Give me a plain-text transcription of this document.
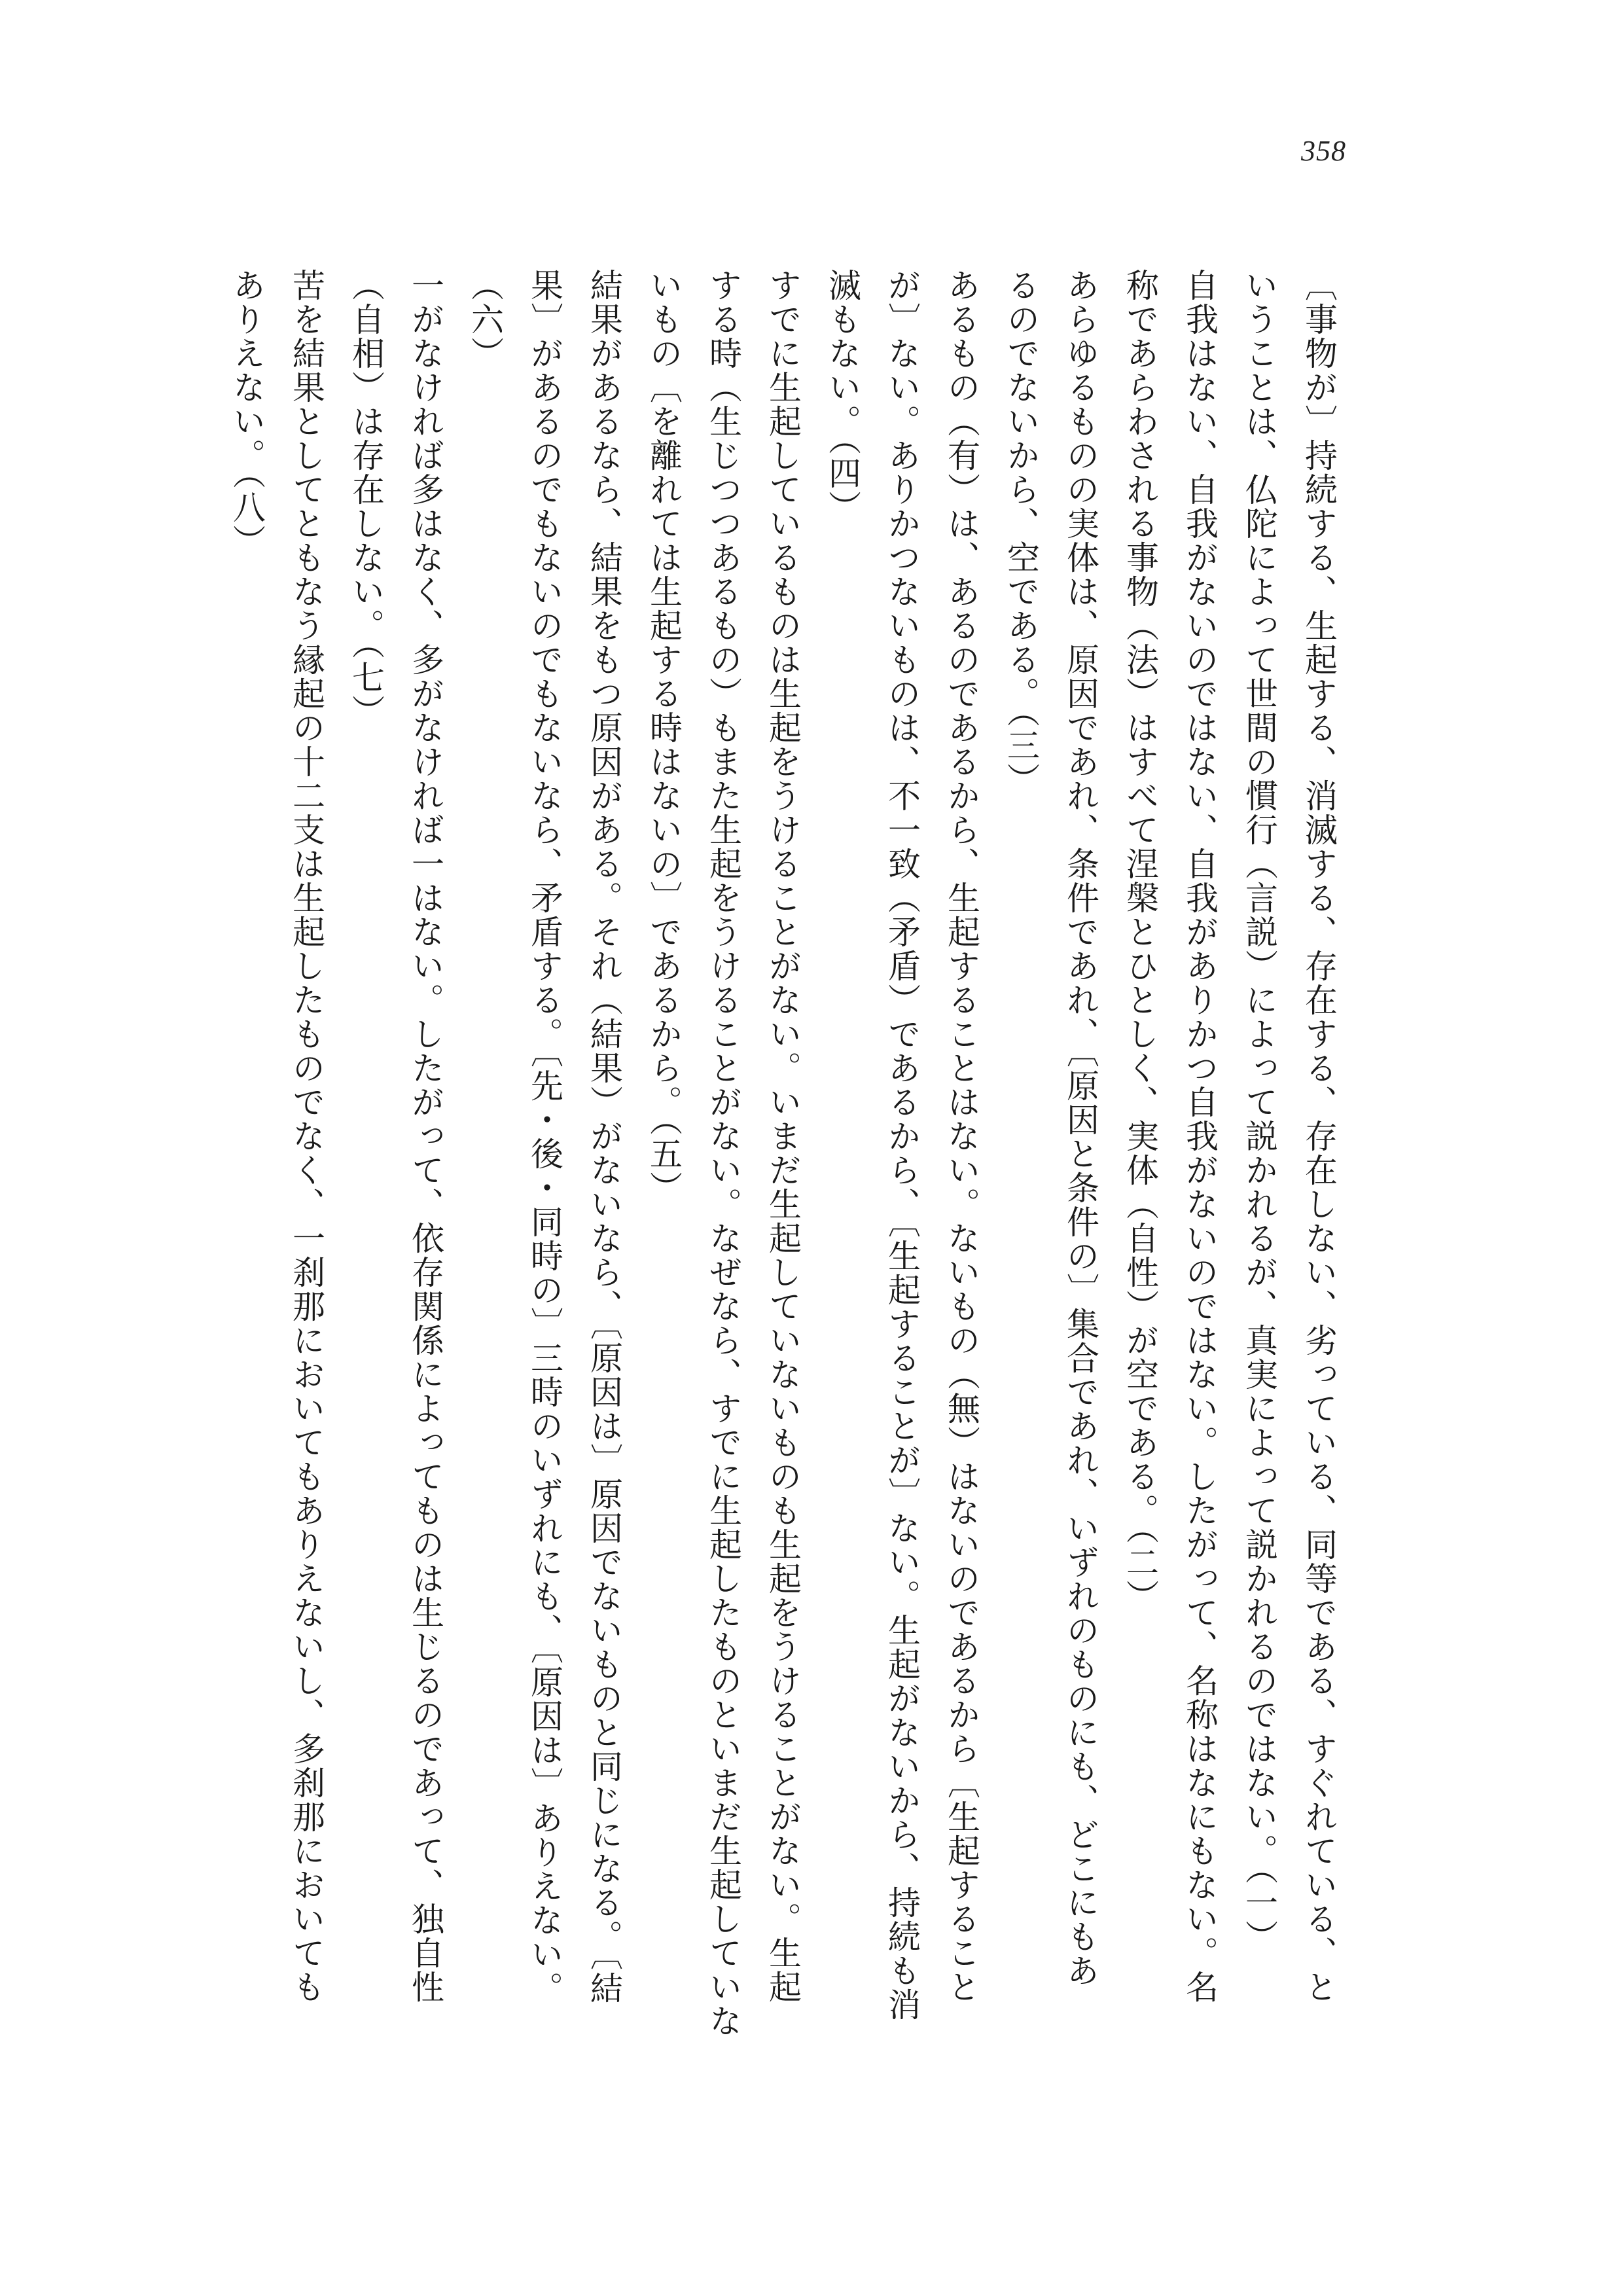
358
〔事物が〕持続する、生起する、消滅する、存在する、存在しない、劣っている、同等である、すぐれている、と
いうことは、仏陀によって世間の慣行（言説）によって説かれるが、真実によって説かれるのではない。（一）
自我はない、自我がないのではない、自我がありかつ自我がないのではない。したがって、名称はなにもない。名
称であらわされる事物（法）はすべて涅槃とひとしく、実体（自性）が空である。（二）
あらゆるものの実体は、原因であれ、条件であれ、〔原因と条件の〕集合であれ、いずれのものにも、どこにもあ
るのでないから、空である。（三）
あるもの（有）は、あるのであるから、生起することはない。ないもの（無）はないのであるから〔生起すること
が〕ない。ありかつないものは、不一致（矛盾）であるから、〔生起することが〕ない。生起がないから、持続も消
滅もない。（四）
すでに生起しているものは生起をうけることがない。いまだ生起していないものも生起をうけることがない。生起
する時（生じつつあるもの）もまた生起をうけることがない。なぜなら、すでに生起したものといまだ生起していな
いもの〔を離れては生起する時はないの〕であるから。（五）
結果があるなら、結果をもつ原因がある。それ（結果）がないなら、〔原因は〕原因でないものと同じになる。〔結
果〕があるのでもないのでもないなら、矛盾する。〔先・後・同時の〕三時のいずれにも、〔原因は〕ありえない。
（六）
一がなければ多はなく、多がなければ一はない。したがって、依存関係によってものは生じるのであって、独自性
（自相）は存在しない。（七）
苦を結果としてともなう縁起の十二支は生起したものでなく、一刹那においてもありえないし、多刹那においても
ありえない。（八）
